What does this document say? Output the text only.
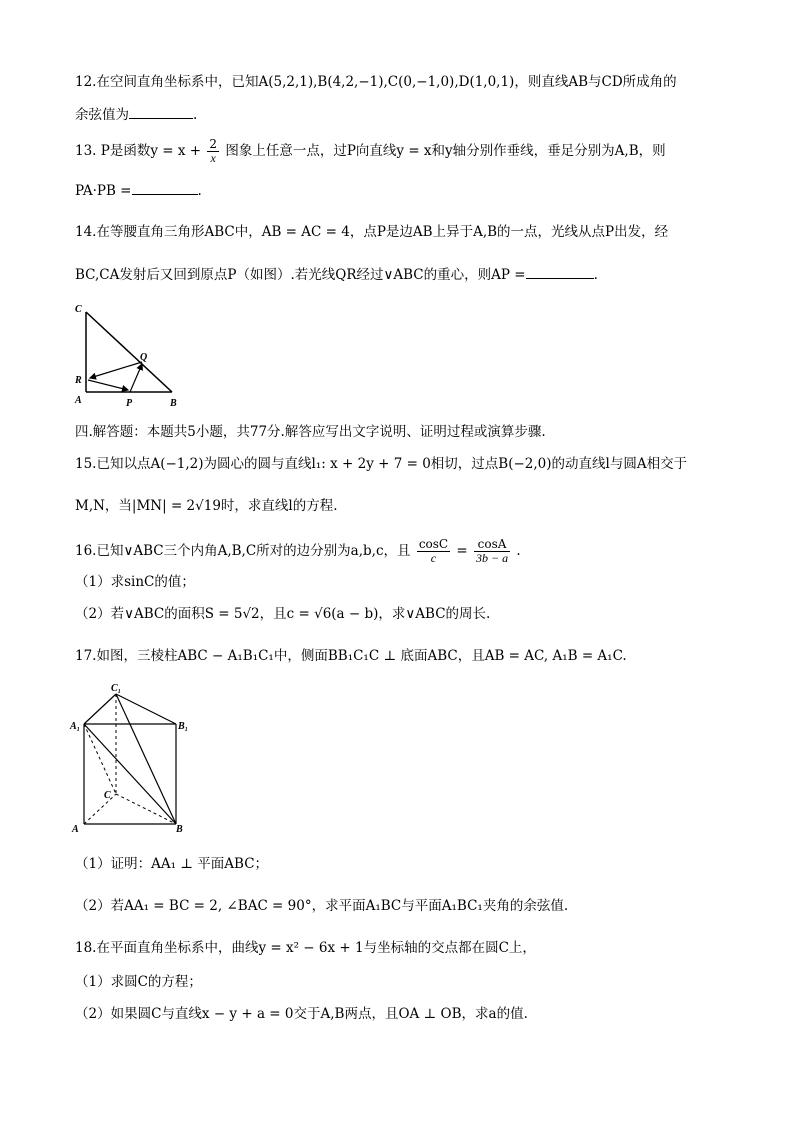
12.在空间直角坐标系中，已知A(5,2,1),B(4,2,−1),C(0,−1,0),D(1,0,1)，则直线AB与CD所成角的
余弦值为	.
13. P是函数$y = x + \frac{2}{x}$ 图象上任意一点，过P向直线y = x和y轴分别作垂线，垂足分别为A,B，则
PA·PB =	.
14.在等腰直角三角形ABC中，AB = AC = 4，点P是边AB上异于A,B的一点，光线从点P出发，经
BC,CA发射后又回到原点P（如图）.若光线QR经过∨ABC的重心，则AP =	.
C
Q
R
A	P	B
四.解答题：本题共5小题，共77分.解答应写出文字说明、证明过程或演算步骤.
15.已知以点A(−1,2)为圆心的圆与直线l₁: x + 2y + 7 = 0相切，过点B(−2,0)的动直线l与圆A相交于
M,N，当|MN| = 2√19时，求直线l的方程.
16.已知∨ABC三个内角A,B,C所对的边分别为a,b,c，且 $\frac{\cos C}{c} = \frac{\cos A}{3b - a}$ .
（1）求sinC的值；
（2）若∨ABC的面积S = 5√2，且c = √6(a − b)，求∨ABC的周长.
17.如图，三棱柱ABC − A₁B₁C₁中，侧面BB₁C₁C ⊥ 底面ABC，且AB = AC, A₁B = A₁C.
C₁
A₁	B₁
C
A	B
（1）证明：AA₁ ⊥ 平面ABC；
（2）若AA₁ = BC = 2, ∠BAC = 90°，求平面A₁BC与平面A₁BC₁夹角的余弦值.
18.在平面直角坐标系中，曲线y = x² − 6x + 1与坐标轴的交点都在圆C上，
（1）求圆C的方程；
（2）如果圆C与直线x − y + a = 0交于A,B两点，且OA ⊥ OB，求a的值.
